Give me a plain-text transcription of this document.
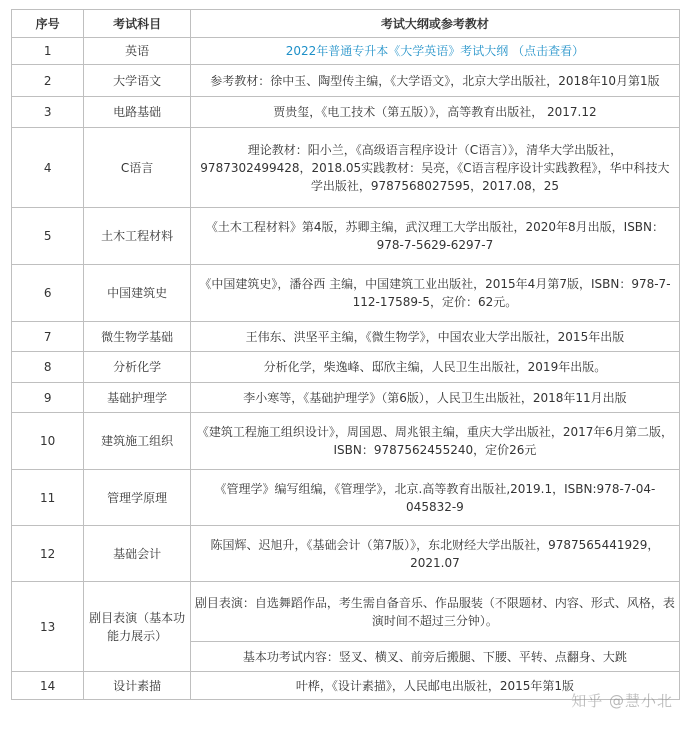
序号	考试科目	考试大纲或参考教材
1	英语	2022年普通专升本《大学英语》考试大纲 （点击查看）
2	大学语文	参考教材：徐中玉、陶型传主编，《大学语文》，北京大学出版社，2018年10月第1版
3	电路基础	贾贵玺，《电工技术（第五版）》，高等教育出版社， 2017.12
4	C语言	理论教材：阳小兰，《高级语言程序设计（C语言）》，清华大学出版社，9787302499428，2018.05实践教材：吴亮，《C语言程序设计实践教程》，华中科技大学出版社，9787568027595，2017.08，25
5	土木工程材料	《土木工程材料》第4版，苏卿主编，武汉理工大学出版社，2020年8月出版，ISBN：978-7-5629-6297-7
6	中国建筑史	《中国建筑史》，潘谷西 主编，中国建筑工业出版社，2015年4月第7版，ISBN：978-7-112-17589-5，定价：62元。
7	微生物学基础	王伟东、洪坚平主编，《微生物学》，中国农业大学出版社，2015年出版
8	分析化学	分析化学，柴逸峰、邸欣主编，人民卫生出版社，2019年出版。
9	基础护理学	李小寒等，《基础护理学》（第6版），人民卫生出版社，2018年11月出版
10	建筑施工组织	《建筑工程施工组织设计》，周国恩、周兆银主编，重庆大学出版社，2017年6月第二版，ISBN：9787562455240，定价26元
11	管理学原理	《管理学》编写组编，《管理学》，北京.高等教育出版社,2019.1，ISBN:978-7-04-045832-9
12	基础会计	陈国辉、迟旭升，《基础会计（第7版）》，东北财经大学出版社，9787565441929，2021.07
13	剧目表演（基本功能力展示）	剧目表演：自选舞蹈作品，考生需自备音乐、作品服装（不限题材、内容、形式、风格，表演时间不超过三分钟）。
		基本功考试内容：竖叉、横叉、前旁后搬腿、下腰、平转、点翻身、大跳
14	设计素描	叶桦，《设计素描》，人民邮电出版社，2015年第1版
知乎 @慧小北
